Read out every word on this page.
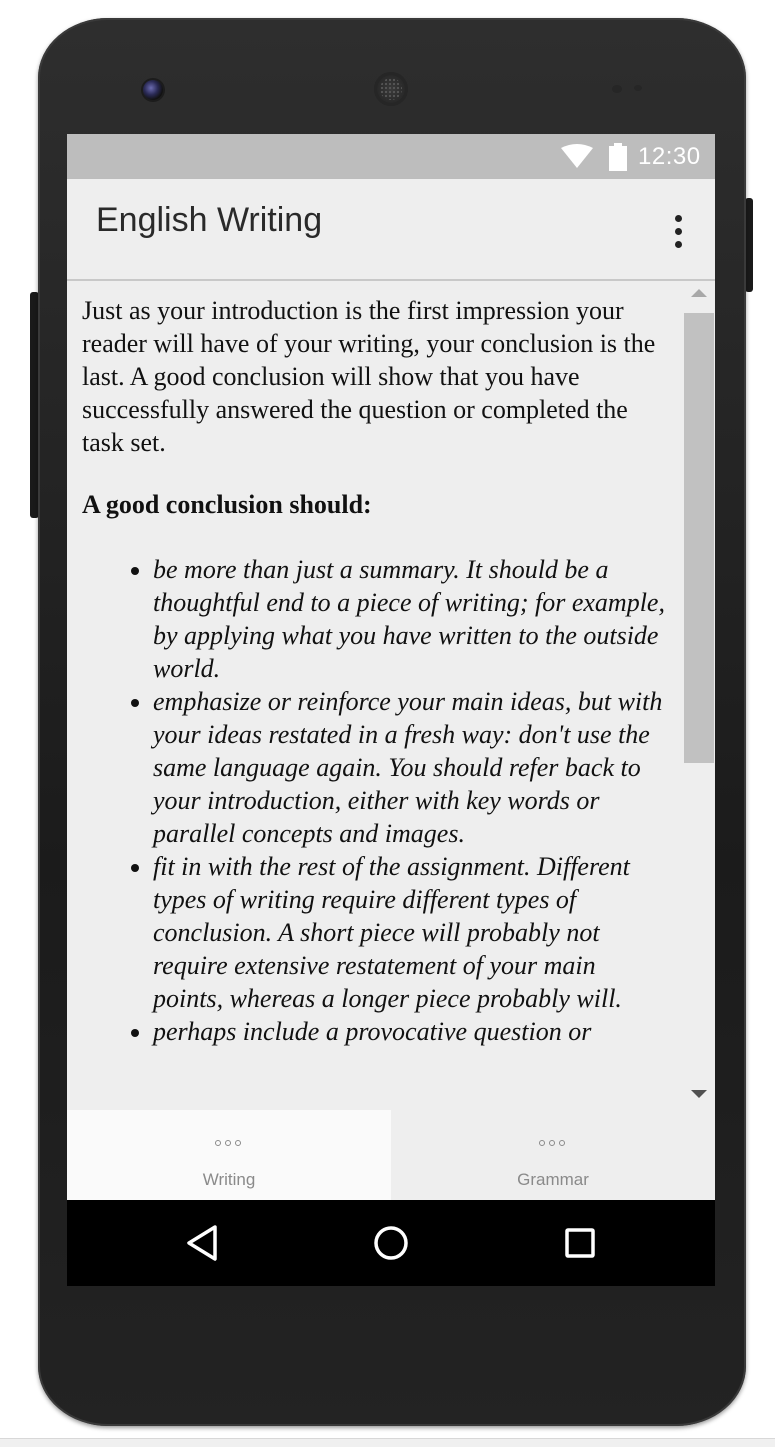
12:30
English Writing

Just as your introduction is the first impression your reader will have of your writing, your conclusion is the last. A good conclusion will show that you have successfully answered the question or completed the task set.

A good conclusion should:
• be more than just a summary. It should be a thoughtful end to a piece of writing; for example, by applying what you have written to the outside world.
• emphasize or reinforce your main ideas, but with your ideas restated in a fresh way: don't use the same language again. You should refer back to your introduction, either with key words or parallel concepts and images.
• fit in with the rest of the assignment. Different types of writing require different types of conclusion. A short piece will probably not require extensive restatement of your main points, whereas a longer piece probably will.
• perhaps include a provocative question or
Writing	Grammar
